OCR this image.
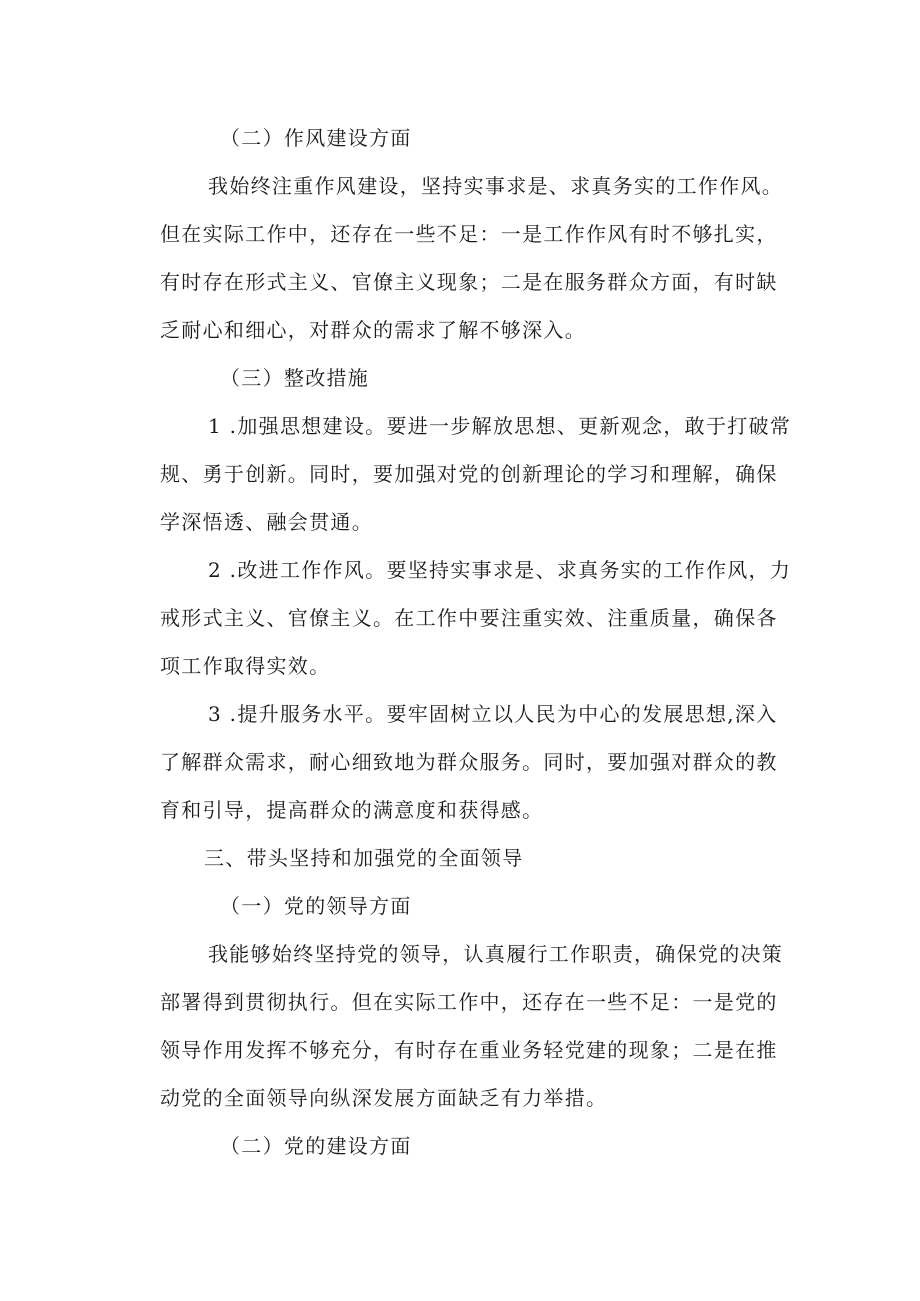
（二）作风建设方面

我始终注重作风建设，坚持实事求是、求真务实的工作作风。

但在实际工作中，还存在一些不足：一是工作作风有时不够扎实，

有时存在形式主义、官僚主义现象；二是在服务群众方面，有时缺

乏耐心和细心，对群众的需求了解不够深入。

（三）整改措施

1 .加强思想建设。要进一步解放思想、更新观念，敢于打破常

规、勇于创新。同时，要加强对党的创新理论的学习和理解，确保

学深悟透、融会贯通。

2 .改进工作作风。要坚持实事求是、求真务实的工作作风，力

戒形式主义、官僚主义。在工作中要注重实效、注重质量，确保各

项工作取得实效。

3 .提升服务水平。要牢固树立以人民为中心的发展思想,深入

了解群众需求，耐心细致地为群众服务。同时，要加强对群众的教

育和引导，提高群众的满意度和获得感。

三、带头坚持和加强党的全面领导

（一）党的领导方面

我能够始终坚持党的领导，认真履行工作职责，确保党的决策

部署得到贯彻执行。但在实际工作中，还存在一些不足：一是党的

领导作用发挥不够充分，有时存在重业务轻党建的现象；二是在推

动党的全面领导向纵深发展方面缺乏有力举措。

（二）党的建设方面
